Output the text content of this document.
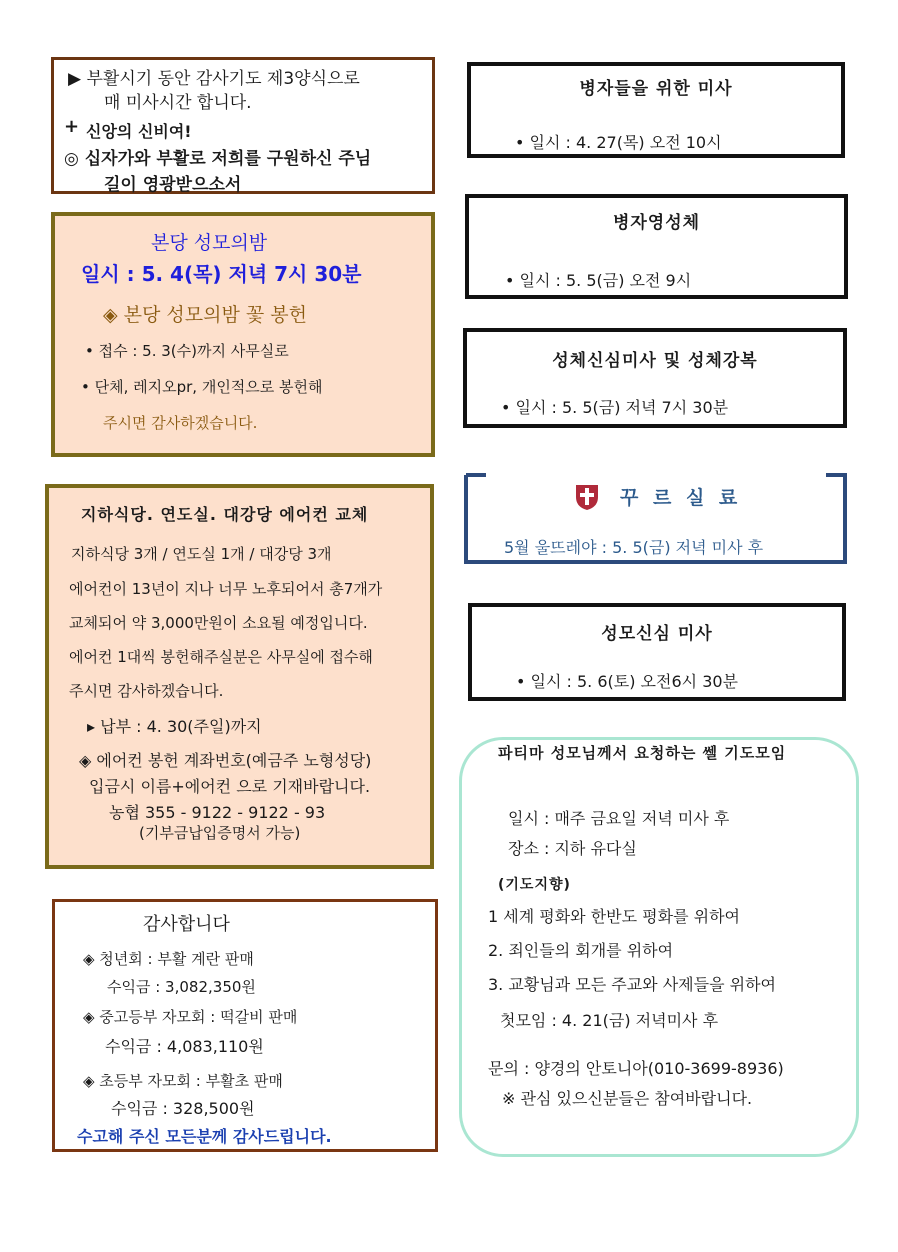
▶ 부활시기 동안 감사기도 제3양식으로
매 미사시간 합니다.
+ 신앙의 신비여!
◎ 십자가와 부활로 저희를 구원하신 주님
길이 영광받으소서
본당 성모의밤
일시 : 5. 4(목) 저녁 7시 30분
◈ 본당 성모의밤 꽃 봉헌
• 접수 : 5. 3(수)까지 사무실로
• 단체, 레지오pr, 개인적으로 봉헌해
주시면 감사하겠습니다.
지하식당. 연도실. 대강당 에어컨 교체
지하식당 3개 / 연도실 1개 / 대강당 3개
에어컨이 13년이 지나 너무 노후되어서 총7개가
교체되어 약 3,000만원이 소요될 예정입니다.
에어컨 1대씩 봉헌해주실분은 사무실에 접수해
주시면 감사하겠습니다.
▸ 납부 : 4. 30(주일)까지
◈ 에어컨 봉헌 계좌번호(예금주 노형성당)
입금시 이름+에어컨 으로 기재바랍니다.
농협 355 - 9122 - 9122 - 93
(기부금납입증명서 가능)
감사합니다
◈ 청년회 : 부활 계란 판매
수익금 : 3,082,350원
◈ 중고등부 자모회 : 떡갈비 판매
수익금 : 4,083,110원
◈ 초등부 자모회 : 부활초 판매
수익금 : 328,500원
수고해 주신 모든분께 감사드립니다.
병자들을 위한 미사
• 일시 : 4. 27(목) 오전 10시
병자영성체
• 일시 : 5. 5(금) 오전 9시
성체신심미사 및 성체강복
• 일시 : 5. 5(금) 저녁 7시 30분
꾸 르 실 료
5월 울뜨레야 : 5. 5(금) 저녁 미사 후
성모신심 미사
• 일시 : 5. 6(토) 오전6시 30분
파티마 성모님께서 요청하는 쎌 기도모임
일시 : 매주 금요일 저녁 미사 후
장소 : 지하 유다실
(기도지향)
1 세계 평화와 한반도 평화를 위하여
2. 죄인들의 회개를 위하여
3. 교황님과 모든 주교와 사제들을 위하여
첫모임 : 4. 21(금) 저녁미사 후
문의 : 양경의 안토니아(010-3699-8936)
※ 관심 있으신분들은 참여바랍니다.
